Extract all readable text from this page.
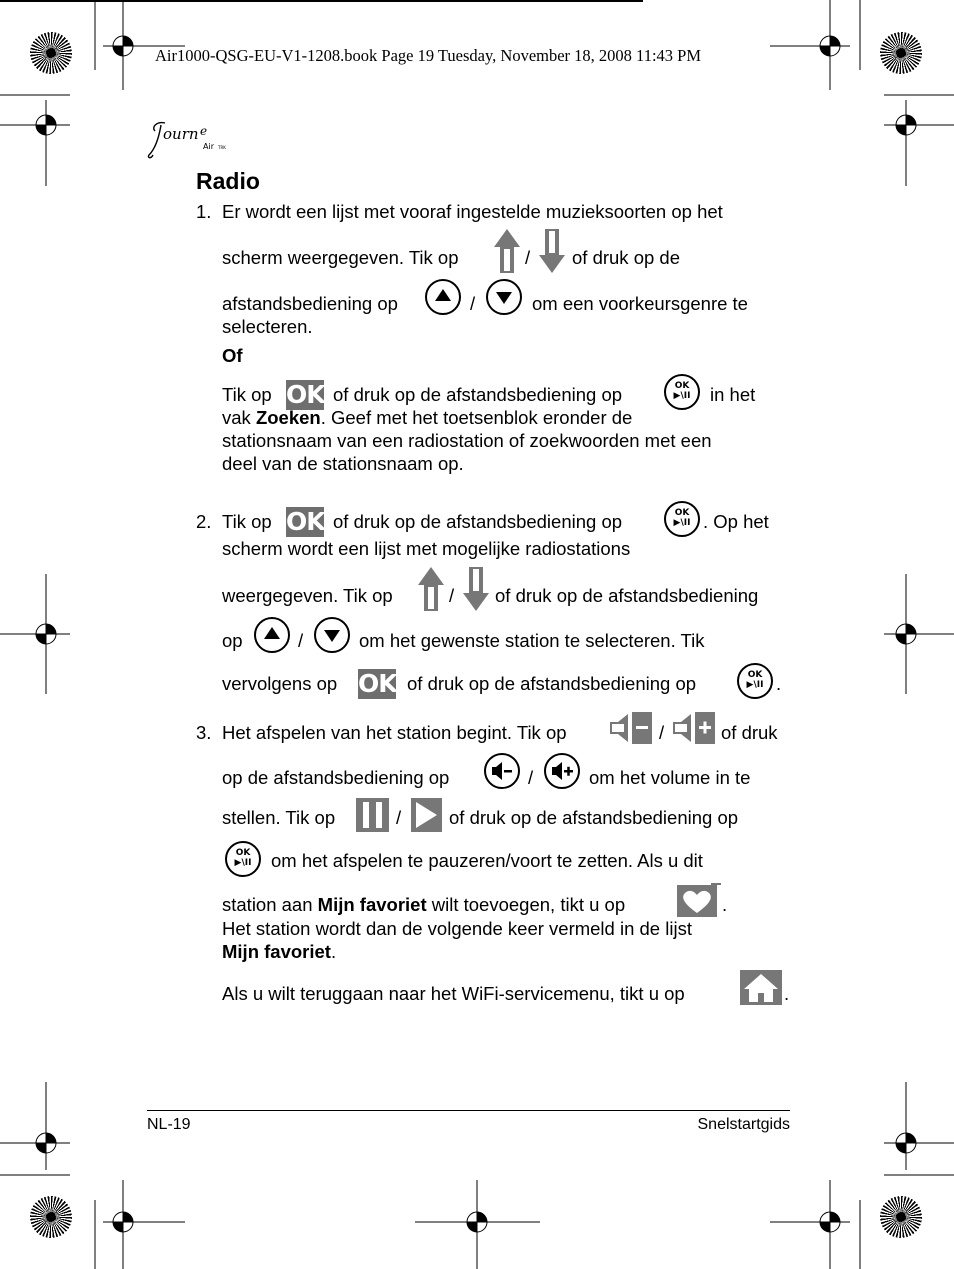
Air1000-QSG-EU-V1-1208.book Page 19 Tuesday, November 18, 2008 11:43 PM
ourn e
Air TRK
Radio
1. Er wordt een lijst met vooraf ingestelde muzieksoorten op het
scherm weergegeven. Tik op	/ of druk op de
afstandsbediening op	/	om een voorkeursgenre te
selecteren.
Of
Tik op OK of druk op de afstandsbediening op	OK
▶\II	in het
vak Zoeken. Geef met het toetsenblok eronder de
stationsnaam van een radiostation of zoekwoorden met een
deel van de stationsnaam op.
2. Tik op OK of druk op de afstandsbediening op	OK
▶\II . Op het
scherm wordt een lijst met mogelijke radiostations
weergegeven. Tik op	/ of druk op de afstandsbediening
op	/	om het gewenste station te selecteren. Tik
vervolgens op OK of druk op de afstandsbediening op	OK
▶\II .
3. Het afspelen van het station begint. Tik op	/	of druk
op de afstandsbediening op	/	om het volume in te
stellen. Tik op	/	of druk op de afstandsbediening op
OK
▶\II	om het afspelen te pauzeren/voort te zetten. Als u dit
station aan Mijn favoriet wilt toevoegen, tikt u op	.
Het station wordt dan de volgende keer vermeld in de lijst
Mijn favoriet.
Als u wilt teruggaan naar het WiFi-servicemenu, tikt u op	.
NL-19	Snelstartgids
